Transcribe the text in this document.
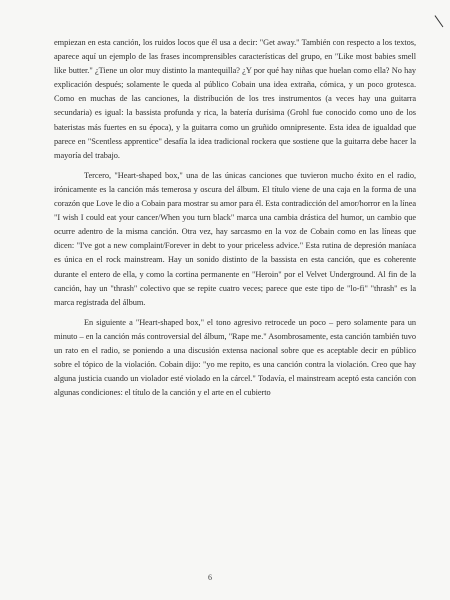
empiezan en esta canción, los ruidos locos que él usa a decir: "Get away." También con respecto a los textos, aparece aquí un ejemplo de las frases incomprensibles características del grupo, en "Like most babies smell like butter." ¿Tiene un olor muy distinto la mantequilla? ¿Y por qué hay niñas que huelan como ella? No hay explicación después; solamente le queda al público Cobain una idea extraña, cómica, y un poco grotesca. Como en muchas de las canciones, la distribución de los tres instrumentos (a veces hay una guitarra secundaria) es igual: la bassista profunda y rica, la batería durísima (Grohl fue conocido como uno de los bateristas más fuertes en su época), y la guitarra como un gruñido omnipresente. Esta idea de igualdad que parece en "Scentless apprentice" desafía la idea tradicional rockera que sostiene que la guitarra debe hacer la mayoría del trabajo.

Tercero, "Heart-shaped box," una de las únicas canciones que tuvieron mucho éxito en el radio, irónicamente es la canción más temerosa y oscura del álbum. El título viene de una caja en la forma de una corazón que Love le dio a Cobain para mostrar su amor para él. Esta contradicción del amor/horror en la línea "I wish I could eat your cancer/When you turn black" marca una cambia drástica del humor, un cambio que ocurre adentro de la misma canción. Otra vez, hay sarcasmo en la voz de Cobain como en las líneas que dicen: "I've got a new complaint/Forever in debt to your priceless advice." Esta rutina de depresión maníaca es única en el rock mainstream. Hay un sonido distinto de la bassista en esta canción, que es coherente durante el entero de ella, y como la cortina permanente en "Heroin" por el Velvet Underground. Al fin de la canción, hay un "thrash" colectivo que se repite cuatro veces; parece que este tipo de "lo-fi" "thrash" es la marca registrada del álbum.

En siguiente a "Heart-shaped box," el tono agresivo retrocede un poco – pero solamente para un minuto – en la canción más controversial del álbum, "Rape me." Asombrosamente, esta canción también tuvo un rato en el radio, se poniendo a una discusión extensa nacional sobre que es aceptable decir en público sobre el tópico de la violación. Cobain dijo: "yo me repito, es una canción contra la violación. Creo que hay alguna justicia cuando un violador esté violado en la cárcel." Todavía, el mainstream aceptó esta canción con algunas condiciones: el título de la canción y el arte en el cubierto

6
